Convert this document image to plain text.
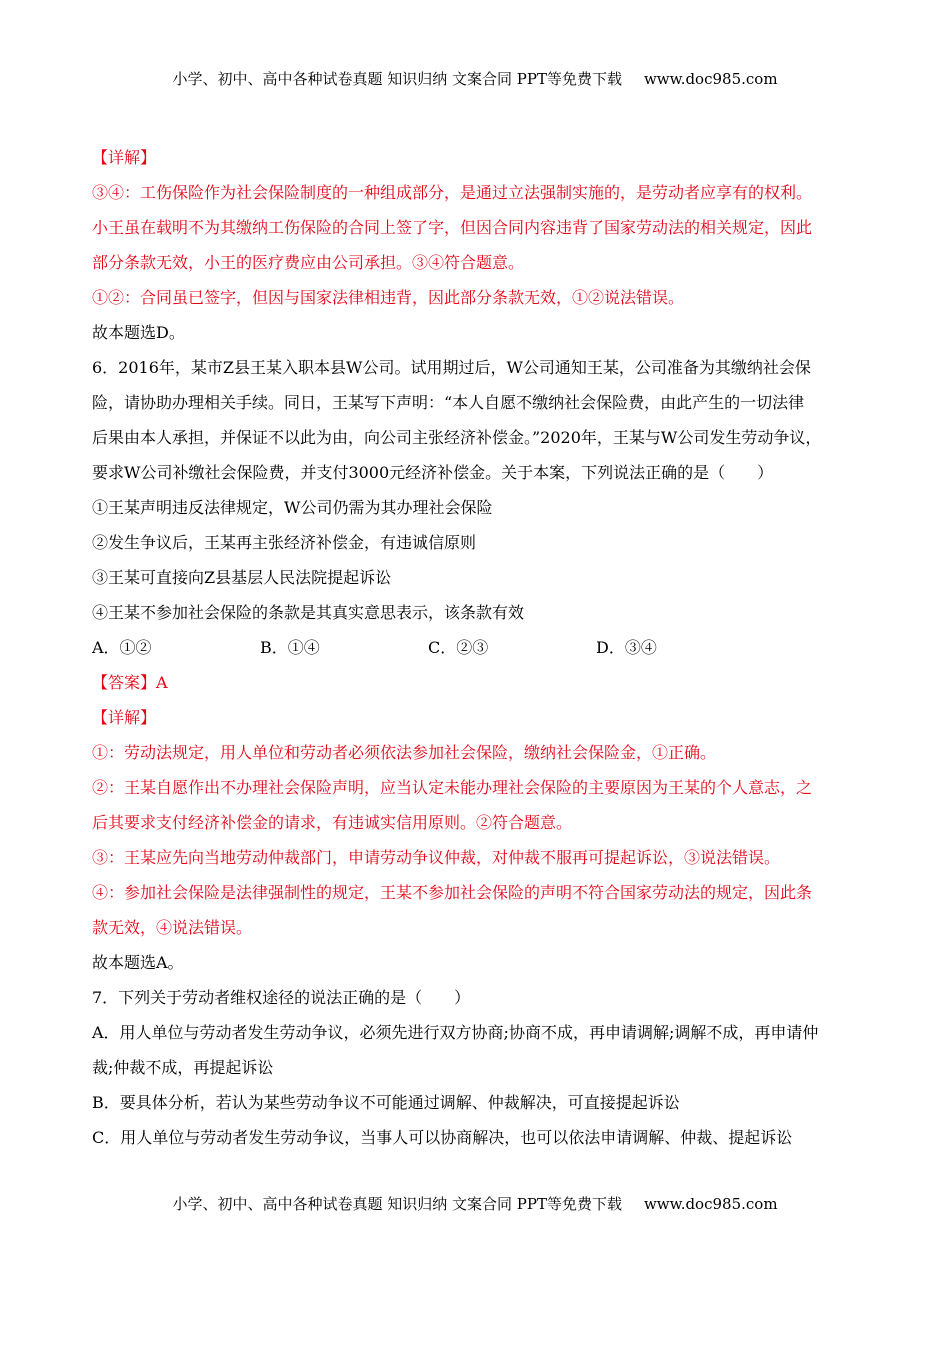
小学、初中、高中各种试卷真题 知识归纳 文案合同 PPT等免费下载 www.doc985.com
【详解】
③④：工伤保险作为社会保险制度的一种组成部分，是通过立法强制实施的，是劳动者应享有的权利。
小王虽在载明不为其缴纳工伤保险的合同上签了字，但因合同内容违背了国家劳动法的相关规定，因此
部分条款无效，小王的医疗费应由公司承担。③④符合题意。
①②：合同虽已签字，但因与国家法律相违背，因此部分条款无效，①②说法错误。
故本题选D。
6．2016年，某市Z县王某入职本县W公司。试用期过后，W公司通知王某，公司准备为其缴纳社会保
险，请协助办理相关手续。同日，王某写下声明：“本人自愿不缴纳社会保险费，由此产生的一切法律
后果由本人承担，并保证不以此为由，向公司主张经济补偿金。”2020年，王某与W公司发生劳动争议，
要求W公司补缴社会保险费，并支付3000元经济补偿金。关于本案，下列说法正确的是（　　）
①王某声明违反法律规定，W公司仍需为其办理社会保险
②发生争议后，王某再主张经济补偿金，有违诚信原则
③王某可直接向Z县基层人民法院提起诉讼
④王某不参加社会保险的条款是其真实意思表示，该条款有效
A．①②	B．①④	C．②③	D．③④
【答案】A
【详解】
①：劳动法规定，用人单位和劳动者必须依法参加社会保险，缴纳社会保险金，①正确。
②：王某自愿作出不办理社会保险声明，应当认定未能办理社会保险的主要原因为王某的个人意志，之
后其要求支付经济补偿金的请求，有违诚实信用原则。②符合题意。
③：王某应先向当地劳动仲裁部门，申请劳动争议仲裁，对仲裁不服再可提起诉讼，③说法错误。
④：参加社会保险是法律强制性的规定，王某不参加社会保险的声明不符合国家劳动法的规定，因此条
款无效，④说法错误。
故本题选A。
7．下列关于劳动者维权途径的说法正确的是（　　）
A．用人单位与劳动者发生劳动争议，必须先进行双方协商;协商不成，再申请调解;调解不成，再申请仲
裁;仲裁不成，再提起诉讼
B．要具体分析，若认为某些劳动争议不可能通过调解、仲裁解决，可直接提起诉讼
C．用人单位与劳动者发生劳动争议，当事人可以协商解决，也可以依法申请调解、仲裁、提起诉讼
小学、初中、高中各种试卷真题 知识归纳 文案合同 PPT等免费下载 www.doc985.com
